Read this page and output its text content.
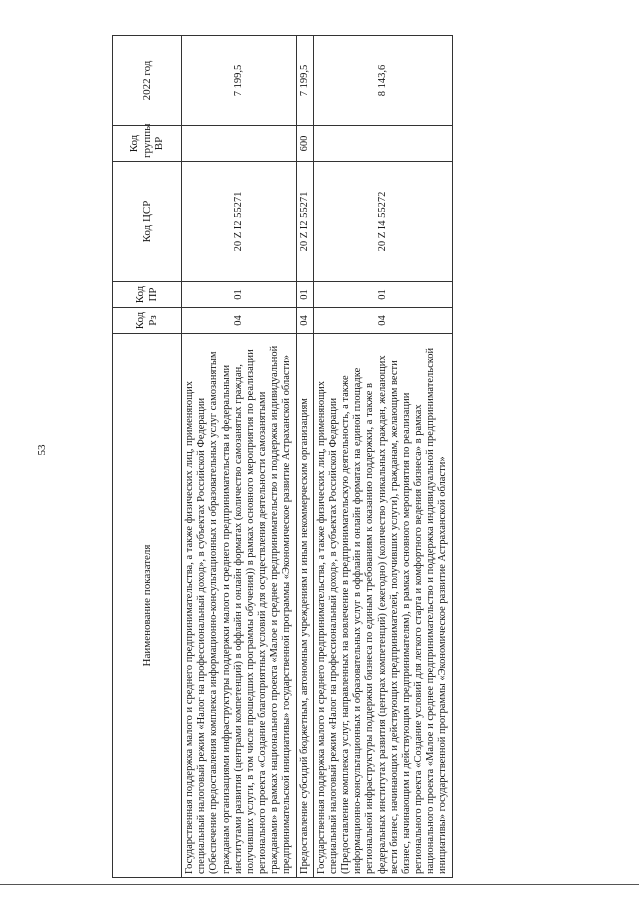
53
Наименование показателя	Код Рз	Код ПР	Код ЦСР	Код группы ВР	2022 год
Государственная поддержка малого и среднего предпринимательства, а также физических лиц, применяющих специальный налоговый режим «Налог на профессиональный доход», в субъектах Российской Федерации (Обеспечение предоставления комплекса информационно-консультационных и образовательных услуг самозанятым гражданам организациями инфраструктуры поддержки малого и среднего предпринимательства и федеральными институтами развития (центрами компетенций) в оффлайн и онлайн форматах (количество самозанятых граждан, получивших услуги, в том числе прошедших программы обучения)) в рамках основного мероприятия по реализации регионального проекта «Создание благоприятных условий для осуществления деятельности самозанятыми гражданами» в рамках национального проекта «Малое и среднее предпринимательство и поддержка индивидуальной предпринимательской инициативы» государственной программы «Экономическое развитие Астраханской области»	04	01	20 Z I2 55271		7 199,5
Предоставление субсидий бюджетным, автономным учреждениям и иным некоммерческим организациям	04	01	20 Z I2 55271	600	7 199,5
Государственная поддержка малого и среднего предпринимательства, а также физических лиц, применяющих специальный налоговый режим «Налог на профессиональный доход», в субъектах Российской Федерации (Предоставление комплекса услуг, направленных на вовлечение в предпринимательскую деятельность, а также информационно-консультационных и образовательных услуг в оффлайн и онлайн форматах на единой площадке региональной инфраструктуры поддержки бизнеса по единым требованиям к оказанию поддержки, а также в федеральных институтах развития (центрах компетенций) (ежегодно) (количество уникальных граждан, желающих вести бизнес, начинающих и действующих предпринимателей, получивших услуги), гражданам, желающим вести бизнес, начинающим и действующим предпринимателям), в рамках основного мероприятия по реализации регионального проекта «Создание условий для легкого старта и комфортного ведения бизнеса» в рамках национального проекта «Малое и среднее предпринимательство и поддержка индивидуальной предпринимательской инициативы» государственной программы «Экономическое развитие Астраханской области»	04	01	20 Z I4 55272		8 143,6
